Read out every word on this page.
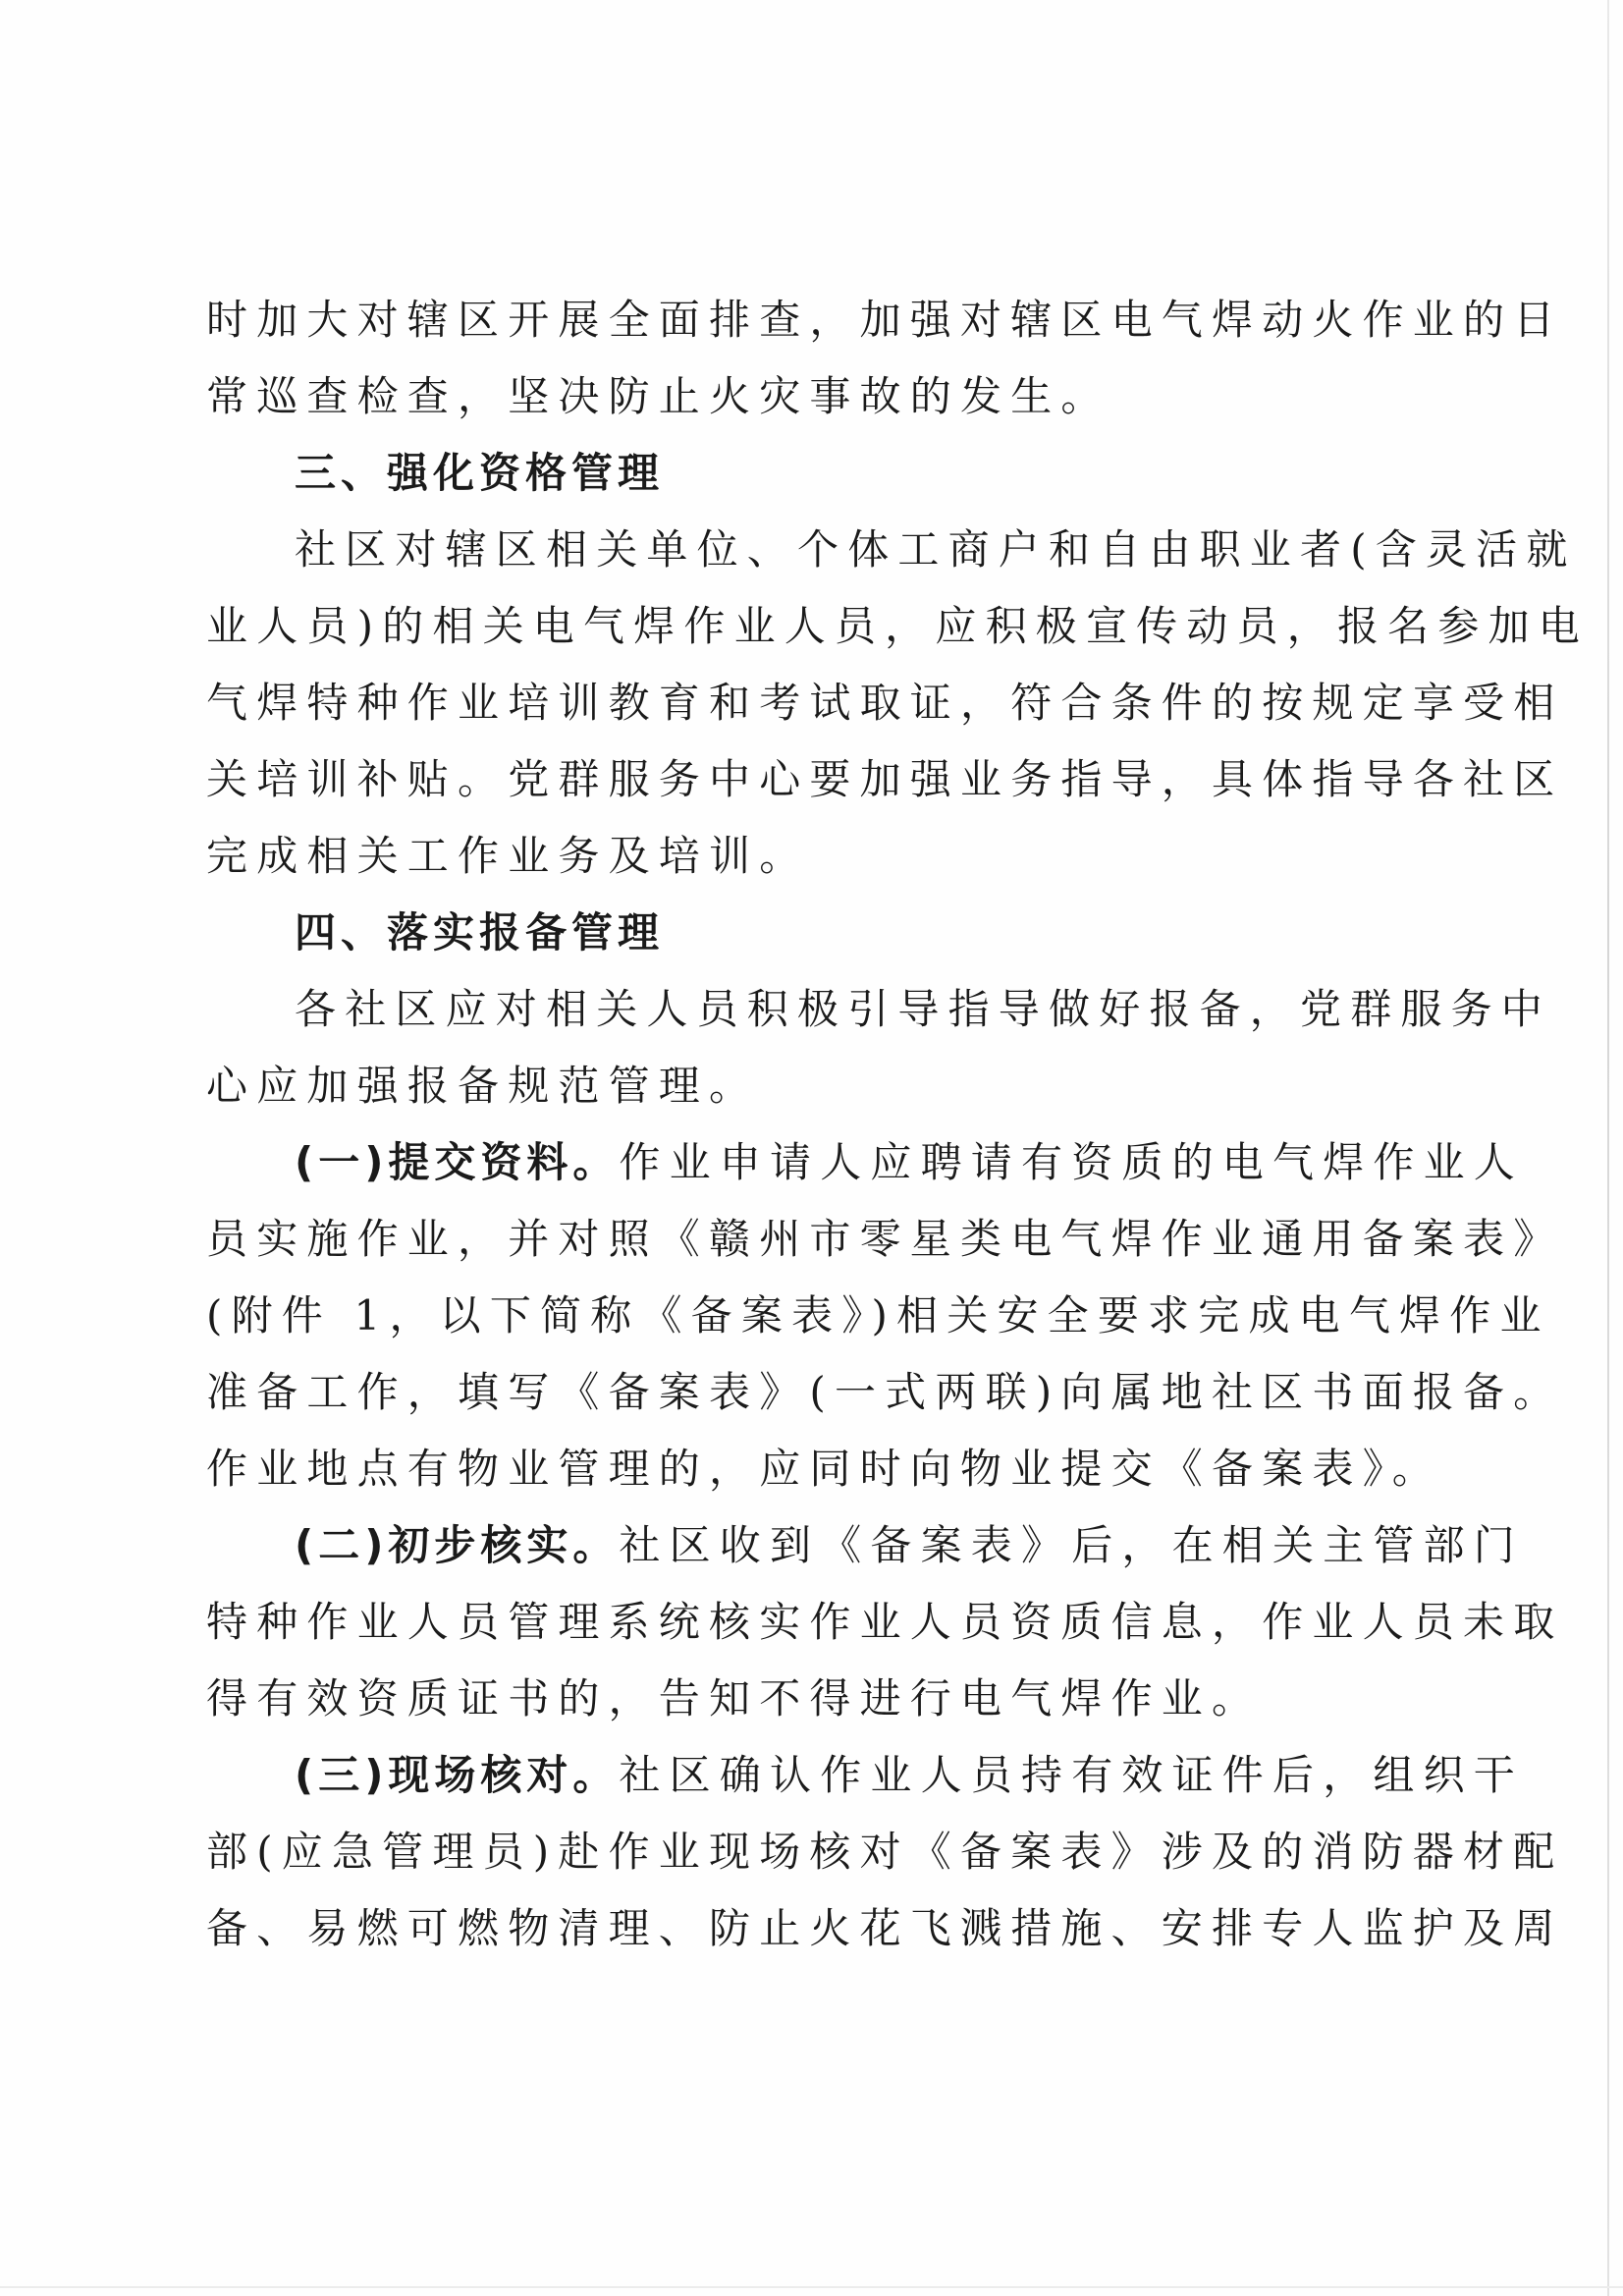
时加大对辖区开展全面排查，加强对辖区电气焊动火作业的日
常巡查检查，坚决防止火灾事故的发生。
三、强化资格管理
社区对辖区相关单位、个体工商户和自由职业者(含灵活就
业人员)的相关电气焊作业人员，应积极宣传动员，报名参加电
气焊特种作业培训教育和考试取证，符合条件的按规定享受相
关培训补贴。党群服务中心要加强业务指导，具体指导各社区
完成相关工作业务及培训。
四、落实报备管理
各社区应对相关人员积极引导指导做好报备，党群服务中
心应加强报备规范管理。
(一)提交资料。作业申请人应聘请有资质的电气焊作业人
员实施作业，并对照《赣州市零星类电气焊作业通用备案表》
(附件 1，以下简称《备案表》)相关安全要求完成电气焊作业
准备工作，填写《备案表》(一式两联)向属地社区书面报备。
作业地点有物业管理的，应同时向物业提交《备案表》。
(二)初步核实。社区收到《备案表》后，在相关主管部门
特种作业人员管理系统核实作业人员资质信息，作业人员未取
得有效资质证书的，告知不得进行电气焊作业。
(三)现场核对。社区确认作业人员持有效证件后，组织干
部(应急管理员)赴作业现场核对《备案表》涉及的消防器材配
备、易燃可燃物清理、防止火花飞溅措施、安排专人监护及周
